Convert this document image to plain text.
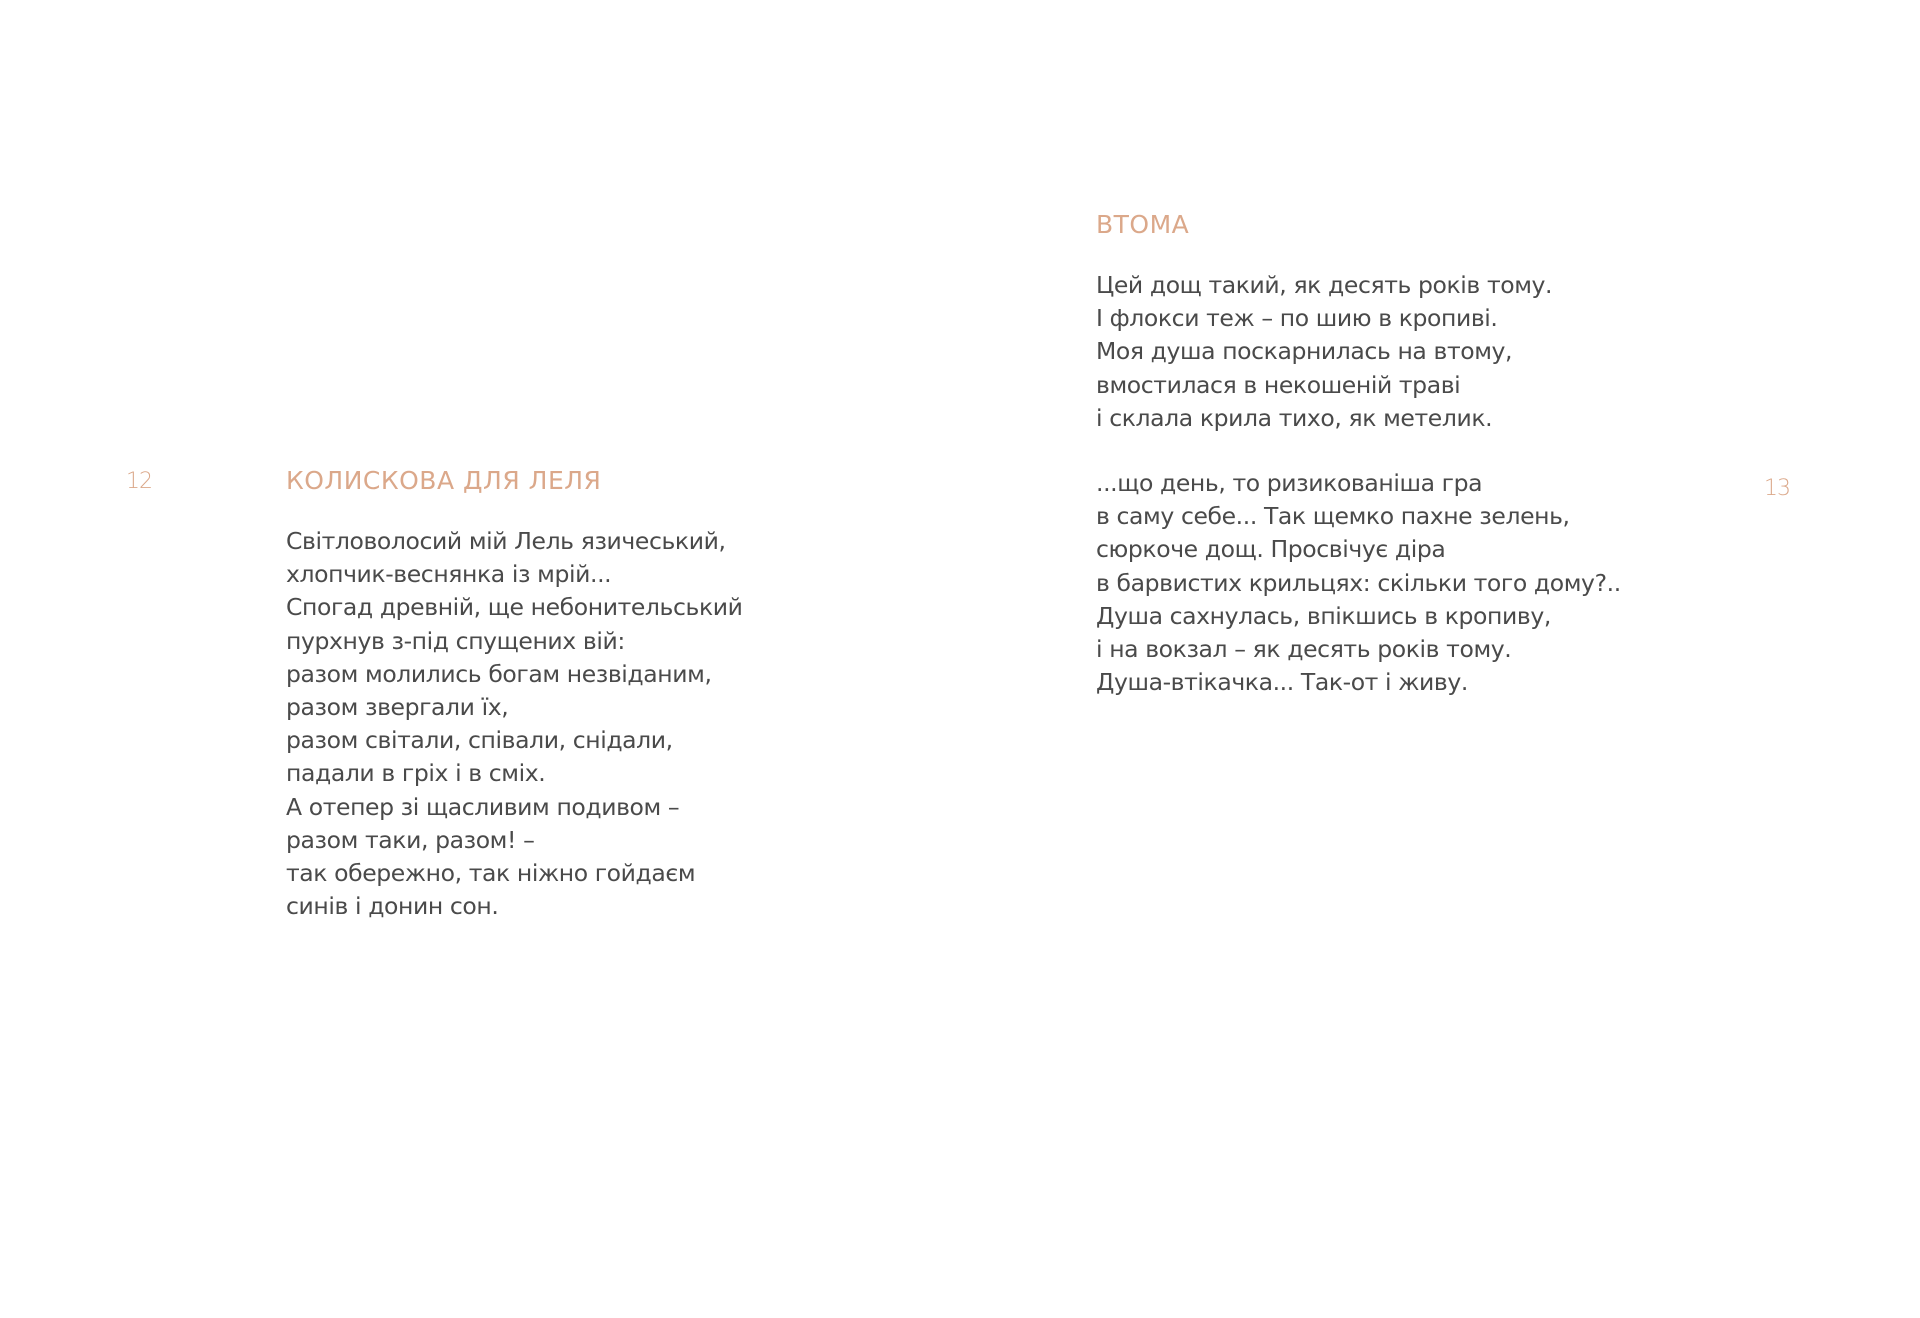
12	КОЛИСКОВА ДЛЯ ЛЕЛЯ
Світловолосий мій Лель язичеський,
хлопчик-веснянка із мрій...
Спогад древній, ще небонительський
пурхнув з-під спущених вій:
разом молились богам незвіданим,
разом звергали їх,
разом світали, співали, снідали,
падали в гріх і в сміх.
А отепер зі щасливим подивом –
разом таки, разом! –
так обережно, так ніжно гойдаєм
синів і донин сон.
13
ВТОМА
Цей дощ такий, як десять років тому.
І флокси теж – по шию в кропиві.
Моя душа поскарнилась на втому,
вмостилася в некошеній траві
і склала крила тихо, як метелик.
...що день, то ризикованіша гра
в саму себе... Так щемко пахне зелень,
сюркоче дощ. Просвічує діра
в барвистих крильцях: скільки того дому?..
Душа сахнулась, впікшись в кропиву,
і на вокзал – як десять років тому.
Душа-втікачка... Так-от і живу.
